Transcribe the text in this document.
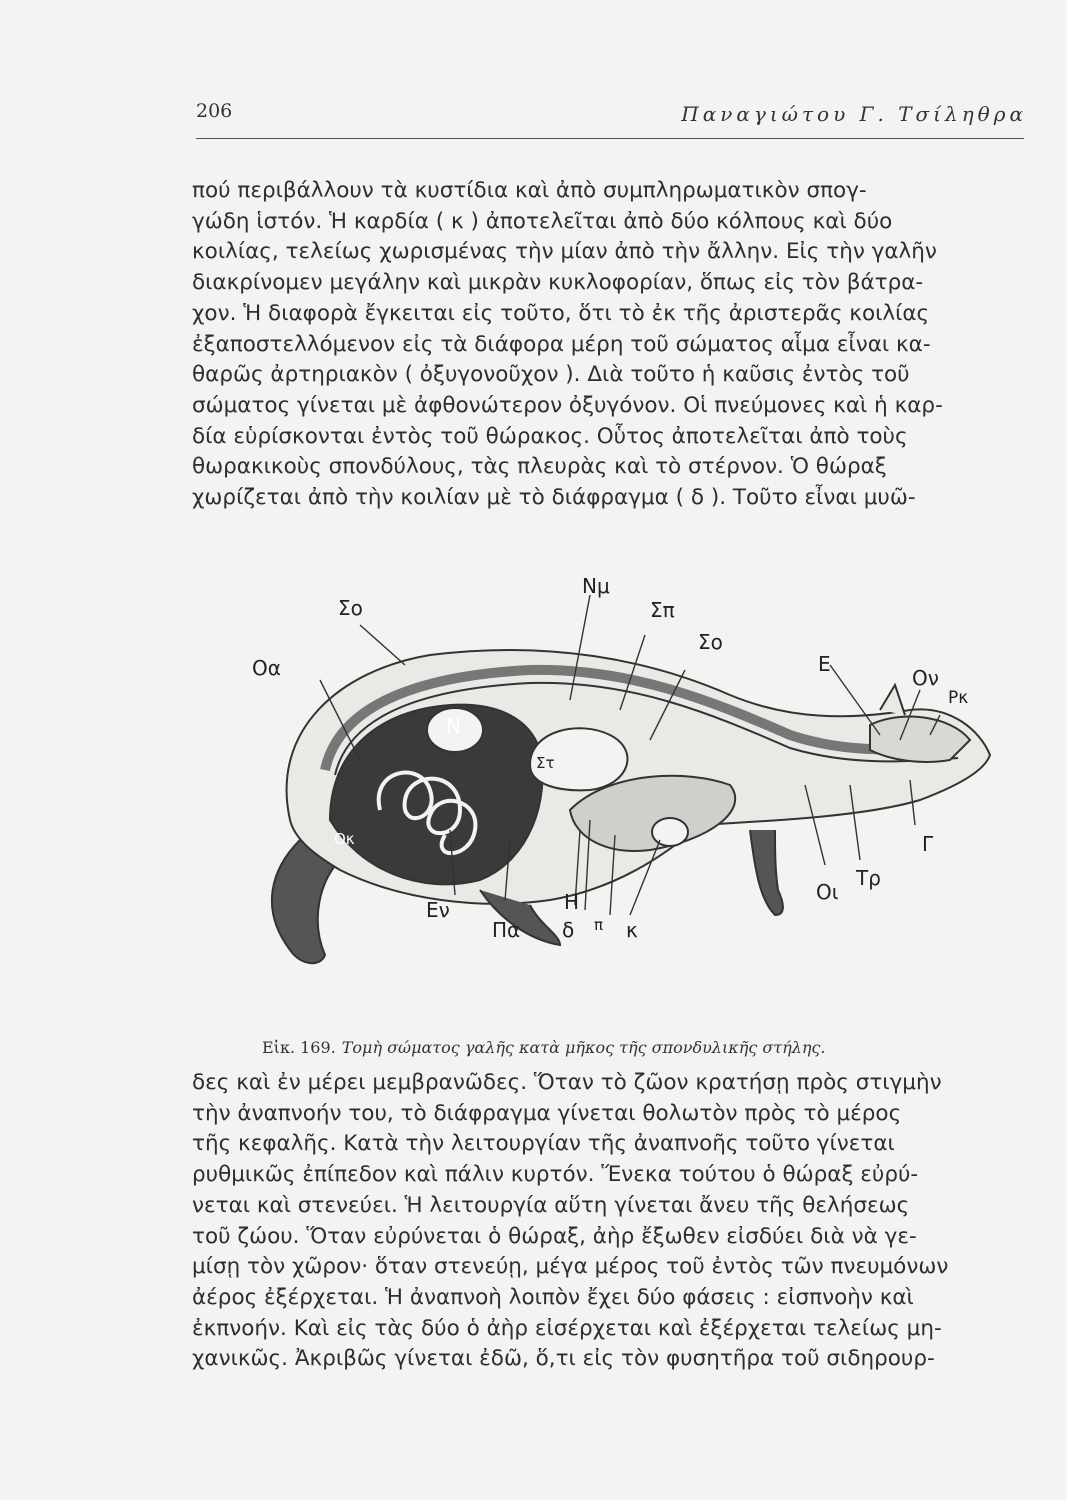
206	Παναγιώτου Γ. Τσίληθρα
πού περιβάλλουν τὰ κυστίδια καὶ ἀπὸ συμπληρωματικὸν σπογ-
γώδη ἱστόν. Ἡ καρδία ( κ ) ἀποτελεῖται ἀπὸ δύο κόλπους καὶ δύο
κοιλίας, τελείως χωρισμένας τὴν μίαν ἀπὸ τὴν ἄλλην. Εἰς τὴν γαλῆν
διακρίνομεν μεγάλην καὶ μικρὰν κυκλοφορίαν, ὅπως εἰς τὸν βάτρα-
χον. Ἡ διαφορὰ ἔγκειται εἰς τοῦτο, ὅτι τὸ ἐκ τῆς ἀριστερᾶς κοιλίας
ἐξαποστελλόμενον εἰς τὰ διάφορα μέρη τοῦ σώματος αἷμα εἶναι κα-
θαρῶς ἀρτηριακὸν ( ὀξυγονοῦχον ). Διὰ τοῦτο ἡ καῦσις ἐντὸς τοῦ
σώματος γίνεται μὲ ἀφθονώτερον ὀξυγόνον. Οἱ πνεύμονες καὶ ἡ καρ-
δία εὑρίσκονται ἐντὸς τοῦ θώρακος. Οὗτος ἀποτελεῖται ἀπὸ τοὺς
θωρακικοὺς σπονδύλους, τὰς πλευρὰς καὶ τὸ στέρνον. Ὁ θώραξ
χωρίζεται ἀπὸ τὴν κοιλίαν μὲ τὸ διάφραγμα ( δ ). Τοῦτο εἶναι μυῶ-
Σο
Οα
Νμ
Σπ
Σο
Ε
Ον
Ρκ
Ν
Στ
Οκ
Εν
Πα
Η
δ π κ
Οι
Τρ
Γ
Εἰκ. 169. Τομὴ σώματος γαλῆς κατὰ μῆκος τῆς σπονδυλικῆς στήλης.
δες καὶ ἐν μέρει μεμβρανῶδες. Ὅταν τὸ ζῶον κρατήσῃ πρὸς στιγμὴν
τὴν ἀναπνοήν του, τὸ διάφραγμα γίνεται θολωτὸν πρὸς τὸ μέρος
τῆς κεφαλῆς. Κατὰ τὴν λειτουργίαν τῆς ἀναπνοῆς τοῦτο γίνεται
ρυθμικῶς ἐπίπεδον καὶ πάλιν κυρτόν. Ἕνεκα τούτου ὁ θώραξ εὐρύ-
νεται καὶ στενεύει. Ἡ λειτουργία αὕτη γίνεται ἄνευ τῆς θελήσεως
τοῦ ζώου. Ὅταν εὐρύνεται ὁ θώραξ, ἀὴρ ἔξωθεν εἰσδύει διὰ νὰ γε-
μίσῃ τὸν χῶρον· ὅταν στενεύῃ, μέγα μέρος τοῦ ἐντὸς τῶν πνευμόνων
ἀέρος ἐξέρχεται. Ἡ ἀναπνοὴ λοιπὸν ἔχει δύο φάσεις : εἰσπνοὴν καὶ
ἐκπνοήν. Καὶ εἰς τὰς δύο ὁ ἀὴρ εἰσέρχεται καὶ ἐξέρχεται τελείως μη-
χανικῶς. Ἀκριβῶς γίνεται ἐδῶ, ὅ,τι εἰς τὸν φυσητῆρα τοῦ σιδηρουρ-
